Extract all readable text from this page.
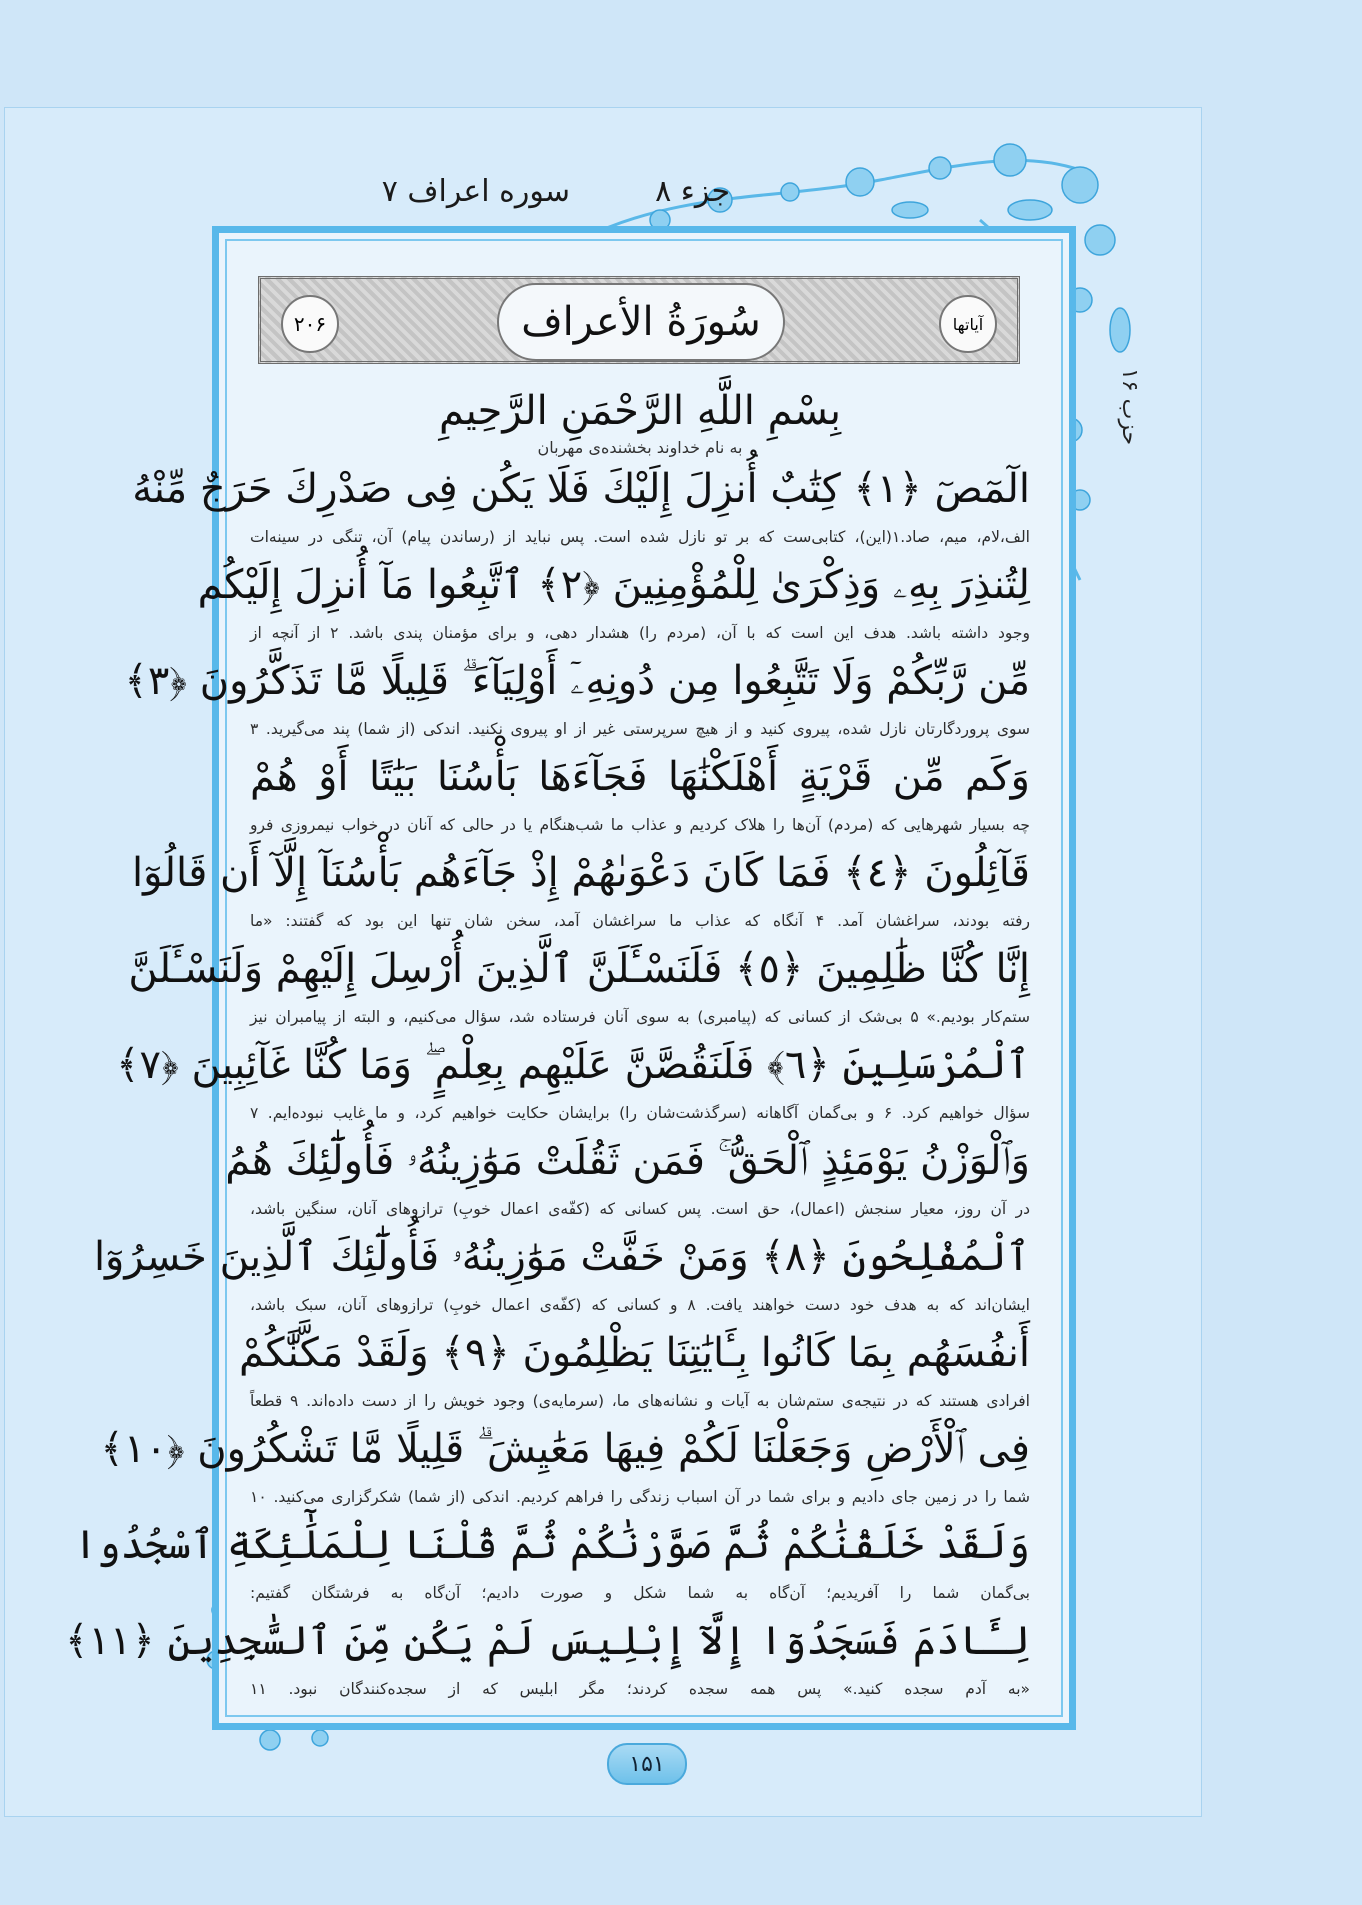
جزء ۸
سوره اعراف ۷
حزب ۱۶
آیاتها
سُورَةُ الأعراف
۲۰۶
بِسْمِ اللَّهِ الرَّحْمَنِ الرَّحِيمِ
به نام خداوند بخشنده‌ی مهربان
الٓمٓصٓ ﴿١﴾ كِتَٰبٌ أُنزِلَ إِلَيْكَ فَلَا يَكُن فِى صَدْرِكَ حَرَجٌ مِّنْهُ
الف،لام، میم، صاد.۱(این)، کتابی‌ست که بر تو نازل شده است. پس نباید از (رساندن پیام) آن، تنگی در سینه‌ات
لِتُنذِرَ بِهِۦ وَذِكْرَىٰ لِلْمُؤْمِنِينَ ﴿٢﴾ ٱتَّبِعُوا مَآ أُنزِلَ إِلَيْكُم
وجود داشته باشد. هدف این است که با آن، (مردم را) هشدار دهی، و برای مؤمنان پندی باشد. ۲ از آنچه از
مِّن رَّبِّكُمْ وَلَا تَتَّبِعُوا مِن دُونِهِۦٓ أَوْلِيَآءَ ۗ قَلِيلًا مَّا تَذَكَّرُونَ ﴿٣﴾
سوی پروردگارتان نازل شده، پیروی کنید و از هیچ سرپرستی غیر از او پیروی نکنید. اندکی (از شما) پند می‌گیرید. ۳
وَكَم مِّن قَرْيَةٍ أَهْلَكْنَٰهَا فَجَآءَهَا بَأْسُنَا بَيَٰتًا أَوْ هُمْ
چه بسیار شهرهایی که (مردم) آن‌ها را هلاک کردیم و عذاب ما شب‌هنگام یا در حالی که آنان در خواب نیمروزی فرو
قَآئِلُونَ ﴿٤﴾ فَمَا كَانَ دَعْوَىٰهُمْ إِذْ جَآءَهُم بَأْسُنَآ إِلَّآ أَن قَالُوٓا
رفته بودند، سراغشان آمد. ۴ آنگاه که عذاب ما سراغشان آمد، سخن شان تنها این بود که گفتند: «ما
إِنَّا كُنَّا ظَٰلِمِينَ ﴿٥﴾ فَلَنَسْـَٔلَنَّ ٱلَّذِينَ أُرْسِلَ إِلَيْهِمْ وَلَنَسْـَٔلَنَّ
ستم‌کار بودیم.» ۵ بی‌شک از کسانی که (پیامبری) به سوی آنان فرستاده شد، سؤال می‌کنیم، و البته از پیامبران نیز
ٱلْمُرْسَلِينَ ﴿٦﴾ فَلَنَقُصَّنَّ عَلَيْهِم بِعِلْمٍ ۖ وَمَا كُنَّا غَآئِبِينَ ﴿٧﴾
سؤال خواهیم کرد. ۶ و بی‌گمان آگاهانه (سرگذشت‌شان را) برایشان حکایت خواهیم کرد، و ما غایب نبوده‌ایم. ۷
وَٱلْوَزْنُ يَوْمَئِذٍ ٱلْحَقُّ ۚ فَمَن ثَقُلَتْ مَوَٰزِينُهُۥ فَأُولَٰٓئِكَ هُمُ
در آن روز، معیار سنجش (اعمال)، حق است. پس کسانی که (کفّه‌ی اعمال خوبِ) ترازوهای آنان، سنگین باشد،
ٱلْمُفْلِحُونَ ﴿٨﴾ وَمَنْ خَفَّتْ مَوَٰزِينُهُۥ فَأُولَٰٓئِكَ ٱلَّذِينَ خَسِرُوٓا
ایشان‌اند که به هدف خود دست خواهند یافت. ۸ و کسانی که (کفّه‌ی اعمال خوبِ) ترازوهای آنان، سبک باشد،
أَنفُسَهُم بِمَا كَانُوا بِـَٔايَٰتِنَا يَظْلِمُونَ ﴿٩﴾ وَلَقَدْ مَكَّنَّٰكُمْ
افرادی هستند که در نتیجه‌ی ستم‌شان به آیات و نشانه‌های ما، (سرمایه‌ی) وجود خویش را از دست داده‌اند. ۹ قطعاً
فِى ٱلْأَرْضِ وَجَعَلْنَا لَكُمْ فِيهَا مَعَٰيِشَ ۗ قَلِيلًا مَّا تَشْكُرُونَ ﴿١٠﴾
شما را در زمین جای دادیم و برای شما در آن اسباب زندگی را فراهم کردیم. اندکی (از شما) شکرگزاری می‌کنید. ۱۰
وَلَقَدْ خَلَقْنَٰكُمْ ثُمَّ صَوَّرْنَٰكُمْ ثُمَّ قُلْنَا لِلْمَلَٰٓئِكَةِ ٱسْجُدُوا
بی‌گمان شما را آفریدیم؛ آن‌گاه به شما شکل و صورت دادیم؛ آن‌گاه به فرشتگان گفتیم:
لِـَٔادَمَ فَسَجَدُوٓا إِلَّآ إِبْلِيسَ لَمْ يَكُن مِّنَ ٱلسَّٰجِدِينَ ﴿١١﴾
«به آدم سجده کنید.» پس همه سجده کردند؛ مگر ابلیس که از سجده‌کنندگان نبود. ۱۱
۱۵۱
